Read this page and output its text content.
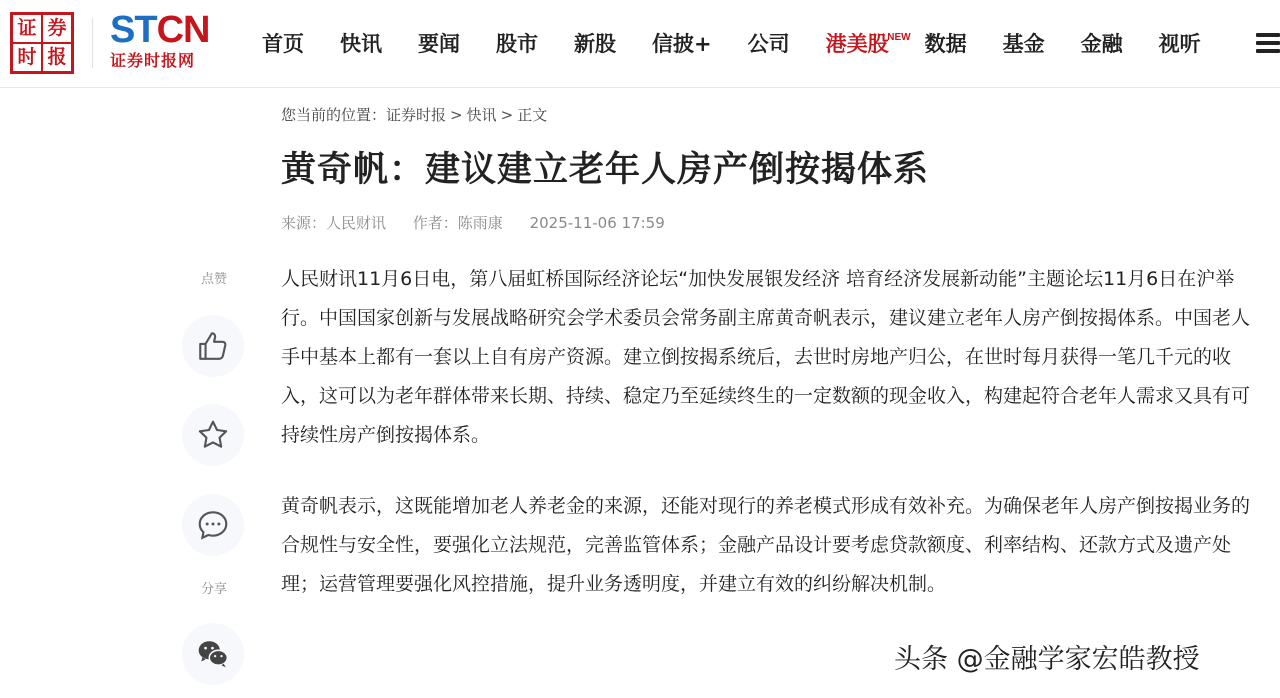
证 券
时 报
STCN
证券时报网
首页 快讯 要闻 股市 新股 信披+ 公司 港美股
NEW 数据 基金 金融 视听
您当前的位置：证券时报 > 快讯 > 正文
黄奇帆：建议建立老年人房产倒按揭体系
来源：人民财讯 作者：陈雨康 2025-11-06 17:59
点赞
分享

人民财讯11月6日电，第八届虹桥国际经济论坛“加快发展银发经济 培育经济发展新动能”主题论坛11月6日在沪举行。中国国家创新与发展战略研究会学术委员会常务副主席黄奇帆表示，建议建立老年人房产倒按揭体系。中国老人手中基本上都有一套以上自有房产资源。建立倒按揭系统后，去世时房地产归公，在世时每月获得一笔几千元的收入，这可以为老年群体带来长期、持续、稳定乃至延续终生的一定数额的现金收入，构建起符合老年人需求又具有可持续性房产倒按揭体系。

黄奇帆表示，这既能增加老人养老金的来源，还能对现行的养老模式形成有效补充。为确保老年人房产倒按揭业务的合规性与安全性，要强化立法规范，完善监管体系；金融产品设计要考虑贷款额度、利率结构、还款方式及遗产处理；运营管理要强化风控措施，提升业务透明度，并建立有效的纠纷解决机制。

头条 @金融学家宏皓教授
